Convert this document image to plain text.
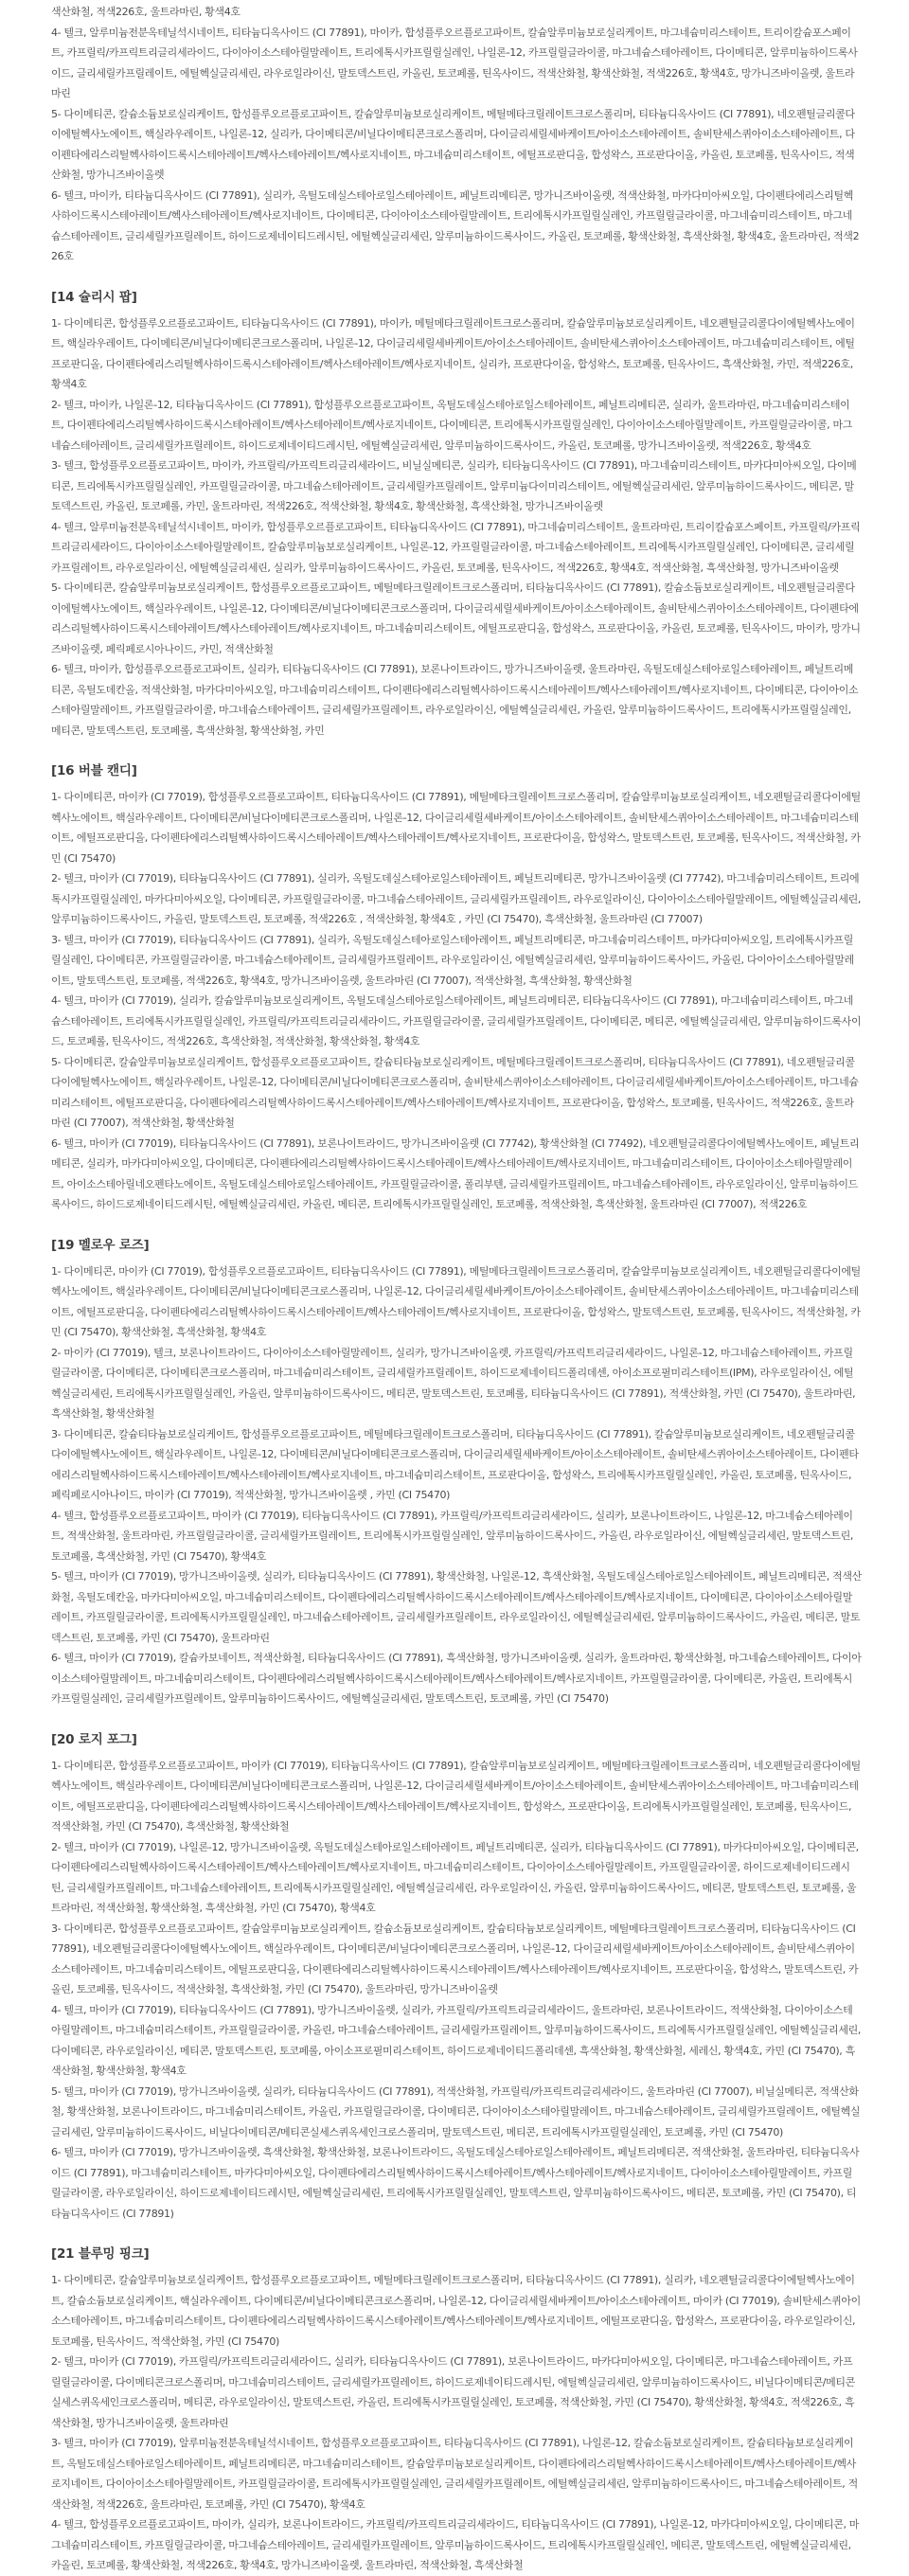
색산화철, 적색226호, 울트라마린, 황색4호

4- 텔크, 알루미늄전분옥테닐석시네이트, 티타늄디옥사이드 (CI 77891), 마이카, 합성플루오르플로고파이트, 칼슘알루미늄보로실리케이트, 마그네슘미리스테이트, 트리이칼슘포스페이트, 카프릴릭/카프릭트리글리세라이드, 다이아이소스테아릴말레이트, 트리에톡시카프릴릴실레인, 나일론-12, 카프릴릴글라이콜, 마그네슘스테아레이트, 다이메티콘, 알루미늄하이드록사이드, 글리세릴카프릴레이트, 에틸헥실글리세린, 라우로일라이신, 말토덱스트린, 카올린, 토코페롤, 틴옥사이드, 적색산화철, 황색산화철, 적색226호, 황색4호, 망가니즈바이올렛, 울트라마린

5- 다이메티콘, 칼슘소듐보로실리케이트, 합성플루오르플로고파이트, 칼슘알루미늄보로실리케이트, 메틸메타크릴레이트크로스폴리머, 티타늄디옥사이드 (CI 77891), 네오펜틸글리콜다이에틸헥사노에이트, 핵실라우레이트, 나일론-12, 실리카, 다이메티콘/비닐다이메티콘크로스폴리머, 다이글리세릴세바케이트/아이소스테아레이트, 솔비탄세스퀴아이소스테아레이트, 다이펜타에리스리틸헥사하이드록시스테아레이트/헥사스테아레이트/헥사로지네이트, 마그네슘미리스테이트, 에틸프로판디올, 합성왁스, 프로판다이올, 카올린, 토코페롤, 틴옥사이드, 적색산화철, 망가니즈바이올렛

6- 텔크, 마이카, 티타늄디옥사이드 (CI 77891), 실리카, 옥틸도데실스테아로일스테아레이트, 페닐트리메티콘, 망가니즈바이올렛, 적색산화철, 마카다미아씨오일, 다이펜타에리스리틸헥사하이드록시스테아레이트/헥사스테아레이트/헥사로지네이트, 다이메티콘, 다이아이소스테아릴말레이트, 트리에톡시카프릴릴실레인, 카프릴릴글라이콜, 마그네슘미리스테이트, 마그네슘스테아레이트, 글리세릴카프릴레이트, 하이드로제네이티드레시틴, 에틸헥실글리세린, 알루미늄하이드록사이드, 카올린, 토코페롤, 황색산화철, 흑색산화철, 황색4호, 울트라마린, 적색226호

[14 슐리시 팝]

1- 다이메티콘, 합성플루오르플로고파이트, 티타늄디옥사이드 (CI 77891), 마이카, 메틸메타크릴레이트크로스폴리머, 칼슘알루미늄보로실리케이트, 네오펜틸글리콜다이에틸헥사노에이트, 핵실라우레이트, 다이메티콘/비닐다이메티콘크로스폴리머, 나일론-12, 다이글리세릴세바케이트/아이소스테아레이트, 솔비탄세스퀴아이소스테아레이트, 마그네슘미리스테이트, 에틸프로판디올, 다이펜타에리스리틸헥사하이드록시스테아레이트/헥사스테아레이트/헥사로지네이트, 실리카, 프로판다이올, 합성왁스, 토코페롤, 틴옥사이드, 흑색산화철, 카민, 적색226호, 황색4호

2- 텔크, 마이카, 나일론-12, 티타늄디옥사이드 (CI 77891), 합성플루오르플로고파이트, 옥틸도데실스테아로일스테아레이트, 페닐트리메티콘, 실리카, 울트라마린, 마그네슘미리스테이트, 다이펜타에리스리틸헥사하이드록시스테아레이트/헥사스테아레이트/헥사로지네이트, 다이메티콘, 트리에톡시카프릴릴실레인, 다이아이소스테아릴말레이트, 카프릴릴글라이콜, 마그네슘스테아레이트, 글리세릴카프릴레이트, 하이드로제네이티드레시틴, 에틸헥실글리세린, 알루미늄하이드록사이드, 카올린, 토코페롤, 망가니즈바이올렛, 적색226호, 황색4호

3- 텔크, 합성플루오르플로고파이트, 마이카, 카프릴릭/카프릭트리글리세라이드, 비닐실메티콘, 실리카, 티타늄디옥사이드 (CI 77891), 마그네슘미리스테이트, 마카다미아씨오일, 다이메티콘, 트리에톡시카프릴릴실레인, 카프릴릴글라이콜, 마그네슘스테아레이트, 글리세릴카프릴레이트, 알루미늄다이미리스테이트, 에틸헥실글리세린, 알루미늄하이드록사이드, 메티콘, 말토덱스트린, 카올린, 토코페롤, 카민, 울트라마린, 적색226호, 적색산화철, 황색4호, 황색산화철, 흑색산화철, 망가니즈바이올렛

4- 텔크, 알루미늄전분옥테닐석시네이트, 마이카, 합성플루오르플로고파이트, 티타늄디옥사이드 (CI 77891), 마그네슘미리스테이트, 울트라마린, 트리이칼슘포스페이트, 카프릴릭/카프릭트리글리세라이드, 다이아이소스테아릴말레이트, 칼슘알루미늄보로실리케이트, 나일론-12, 카프릴릴글라이콜, 마그네슘스테아레이트, 트리에톡시카프릴릴실레인, 다이메티콘, 글리세릴카프릴레이트, 라우로일라이신, 에틸헥실글리세린, 실리카, 알루미늄하이드록사이드, 카올린, 토코페롤, 틴옥사이드, 적색226호, 황색4호, 적색산화철, 흑색산화철, 망가니즈바이올렛

5- 다이메티콘, 칼슘알루미늄보로실리케이트, 합성플루오르플로고파이트, 메틸메타크릴레이트크로스폴리머, 티타늄디옥사이드 (CI 77891), 칼슘소듐보로실리케이트, 네오펜틸글리콜다이에틸헥사노에이트, 핵실라우레이트, 나일론-12, 다이메티콘/비닐다이메티콘크로스폴리머, 다이글리세릴세바케이트/아이소스테아레이트, 솔비탄세스퀴아이소스테아레이트, 다이펜타에리스리틸헥사하이드록시스테아레이트/헥사스테아레이트/헥사로지네이트, 마그네슘미리스테이트, 에틸프로판디올, 합성왁스, 프로판다이올, 카올린, 토코페롤, 틴옥사이드, 마이카, 망가니즈바이올렛, 페릭페로시아나이드, 카민, 적색산화철

6- 텔크, 마이카, 합성플루오르플로고파이트, 실리카, 티타늄디옥사이드 (CI 77891), 보론나이트라이드, 망가니즈바이올렛, 울트라마린, 옥틸도데실스테아로일스테아레이트, 페닐트리메티콘, 옥틸도데칸올, 적색산화철, 마카다미아씨오일, 마그네슘미리스테이트, 다이펜타에리스리틸헥사하이드록시스테아레이트/헥사스테아레이트/헥사로지네이트, 다이메티콘, 다이아이소스테아릴말레이트, 카프릴릴글라이콜, 마그네슘스테아레이트, 글리세릴카프릴레이트, 라우로일라이신, 에틸헥실글리세린, 카올린, 알루미늄하이드록사이드, 트리에톡시카프릴릴실레인, 메티콘, 말토덱스트린, 토코페롤, 흑색산화철, 황색산화철, 카민

[16 버블 캔디]

1- 다이메티콘, 마이카 (CI 77019), 합성플루오르플로고파이트, 티타늄디옥사이드 (CI 77891), 메틸메타크릴레이트크로스폴리머, 칼슘알루미늄보로실리케이트, 네오펜틸글리콜다이에틸헥사노에이트, 핵실라우레이트, 다이메티콘/비닐다이메티콘크로스폴리머, 나일론-12, 다이글리세릴세바케이트/아이소스테아레이트, 솔비탄세스퀴아이소스테아레이트, 마그네슘미리스테이트, 에틸프로판디올, 다이펜타에리스리틸헥사하이드록시스테아레이트/헥사스테아레이트/헥사로지네이트, 프로판다이올, 합성왁스, 말토덱스트린, 토코페롤, 틴옥사이드, 적색산화철, 카민 (CI 75470)

2- 텔크, 마이카 (CI 77019), 티타늄디옥사이드 (CI 77891), 실리카, 옥틸도데실스테아로일스테아레이트, 페닐트리메티콘, 망가니즈바이올렛 (CI 77742), 마그네슘미리스테이트, 트리에톡시카프릴릴실레인, 마카다미아씨오일, 다이메티콘, 카프릴릴글라이콜, 마그네슘스테아레이트, 글리세릴카프릴레이트, 라우로일라이신, 다이아이소스테아릴말레이트, 에틸헥실글리세린, 알루미늄하이드록사이드, 카올린, 말토덱스트린, 토코페롤, 적색226호 , 적색산화철, 황색4호 , 카민 (CI 75470), 흑색산화철, 울트라마린 (CI 77007)

3- 텔크, 마이카 (CI 77019), 티타늄디옥사이드 (CI 77891), 실리카, 옥틸도데실스테아로일스테아레이트, 페닐트리메티콘, 마그네슘미리스테이트, 마카다미아씨오일, 트리에톡시카프릴릴실레인, 다이메티콘, 카프릴릴글라이콜, 마그네슘스테아레이트, 글리세릴카프릴레이트, 라우로일라이신, 에틸헥실글리세린, 알루미늄하이드록사이드, 카올린, 다이아이소스테아릴말레이트, 말토덱스트린, 토코페롤, 적색226호, 황색4호, 망가니즈바이올렛, 울트라마린 (CI 77007), 적색산화철, 흑색산화철, 황색산화철

4- 텔크, 마이카 (CI 77019), 실리카, 칼슘알루미늄보로실리케이트, 옥틸도데실스테아로일스테아레이트, 페닐트리메티콘, 티타늄디옥사이드 (CI 77891), 마그네슘미리스테이트, 마그네슘스테아레이트, 트리에톡시카프릴릴실레인, 카프릴릭/카프릭트리글리세라이드, 카프릴릴글라이콜, 글리세릴카프릴레이트, 다이메티콘, 메티콘, 에틸헥실글리세린, 알루미늄하이드록사이드, 토코페롤, 틴옥사이드, 적색226호, 흑색산화철, 적색산화철, 황색산화철, 황색4호

5- 다이메티콘, 칼슘알루미늄보로실리케이트, 합성플루오르플로고파이트, 칼슘티타늄보로실리케이트, 메틸메타크릴레이트크로스폴리머, 티타늄디옥사이드 (CI 77891), 네오펜틸글리콜다이에틸헥사노에이트, 핵실라우레이트, 나일론-12, 다이메티콘/비닐다이메티콘크로스폴리머, 솔비탄세스퀴아이소스테아레이트, 다이글리세릴세바케이트/아이소스테아레이트, 마그네슘미리스테이트, 에틸프로판디올, 다이펜타에리스리틸헥사하이드록시스테아레이트/헥사스테아레이트/헥사로지네이트, 프로판다이올, 합성왁스, 토코페롤, 틴옥사이드, 적색226호, 울트라마린 (CI 77007), 적색산화철, 황색산화철

6- 텔크, 마이카 (CI 77019), 티타늄디옥사이드 (CI 77891), 보론나이트라이드, 망가니즈바이올렛 (CI 77742), 황색산화철 (CI 77492), 네오펜틸글리콜다이에틸헥사노에이트, 페닐트리메티콘, 실리카, 마카다미아씨오일, 다이메티콘, 다이펜타에리스리틸헥사하이드록시스테아레이트/헥사스테아레이트/헥사로지네이트, 마그네슘미리스테이트, 다이아이소스테아릴말레이트, 아이소스테아릴네오펜타노에이트, 옥틸도데실스테아로일스테아레이트, 카프릴릴글라이콜, 폴리부텐, 글리세릴카프릴레이트, 마그네슘스테아레이트, 라우로일라이신, 알루미늄하이드록사이드, 하이드로제네이티드레시틴, 에틸헥실글리세린, 카올린, 메티콘, 트리에톡시카프릴릴실레인, 토코페롤, 적색산화철, 흑색산화철, 울트라마린 (CI 77007), 적색226호

[19 멜로우 로즈]

1- 다이메티콘, 마이카 (CI 77019), 합성플루오르플로고파이트, 티타늄디옥사이드 (CI 77891), 메틸메타크릴레이트크로스폴리머, 칼슘알루미늄보로실리케이트, 네오펜틸글리콜다이에틸헥사노에이트, 핵실라우레이트, 다이메티콘/비닐다이메티콘크로스폴리머, 나일론-12, 다이글리세릴세바케이트/아이소스테아레이트, 솔비탄세스퀴아이소스테아레이트, 마그네슘미리스테이트, 에틸프로판디올, 다이펜타에리스리틸헥사하이드록시스테아레이트/헥사스테아레이트/헥사로지네이트, 프로판다이올, 합성왁스, 말토덱스트린, 토코페롤, 틴옥사이드, 적색산화철, 카민 (CI 75470), 황색산화철, 흑색산화철, 황색4호

2- 마이카 (CI 77019), 텔크, 보론나이트라이드, 다이아이소스테아릴말레이트, 실리카, 망가니즈바이올렛, 카프릴릭/카프릭트리글리세라이드, 나일론-12, 마그네슘스테아레이트, 카프릴릴글라이콜, 다이메티콘, 다이메티콘크로스폴리머, 마그네슘미리스테이트, 글리세릴카프릴레이트, 하이드로제네이티드폴리데센, 아이소프로필미리스테이트(IPM), 라우로일라이신, 에틸헥실글리세린, 트리에톡시카프릴릴실레인, 카올린, 알루미늄하이드록사이드, 메티콘, 말토덱스트린, 토코페롤, 티타늄디옥사이드 (CI 77891), 적색산화철, 카민 (CI 75470), 울트라마린, 흑색산화철, 황색산화철

3- 다이메티콘, 칼슘티타늄보로실리케이트, 합성플루오르플로고파이트, 메틸메타크릴레이트크로스폴리머, 티타늄디옥사이드 (CI 77891), 칼슘알루미늄보로실리케이트, 네오펜틸글리콜다이에틸헥사노에이트, 핵실라우레이트, 나일론-12, 다이메티콘/비닐다이메티콘크로스폴리머, 다이글리세릴세바케이트/아이소스테아레이트, 솔비탄세스퀴아이소스테아레이트, 다이펜타에리스리틸헥사하이드록시스테아레이트/헥사스테아레이트/헥사로지네이트, 마그네슘미리스테이트, 프로판다이올, 합성왁스, 트리에톡시카프릴릴실레인, 카올린, 토코페롤, 틴옥사이드, 페릭페로시아나이드, 마이카 (CI 77019), 적색산화철, 망가니즈바이올렛 , 카민 (CI 75470)

4- 텔크, 합성플루오르플로고파이트, 마이카 (CI 77019), 티타늄디옥사이드 (CI 77891), 카프릴릭/카프릭트리글리세라이드, 실리카, 보론나이트라이드, 나일론-12, 마그네슘스테아레이트, 적색산화철, 울트라마린, 카프릴릴글라이콜, 글리세릴카프릴레이트, 트리에톡시카프릴릴실레인, 알루미늄하이드록사이드, 카올린, 라우로일라이신, 에틸헥실글리세린, 말토덱스트린, 토코페롤, 흑색산화철, 카민 (CI 75470), 황색4호

5- 텔크, 마이카 (CI 77019), 망가니즈바이올렛, 실리카, 티타늄디옥사이드 (CI 77891), 황색산화철, 나일론-12, 흑색산화철, 옥틸도데실스테아로일스테아레이트, 페닐트리메티콘, 적색산화철, 옥틸도데칸올, 마카다미아씨오일, 마그네슘미리스테이트, 다이펜타에리스리틸헥사하이드록시스테아레이트/헥사스테아레이트/헥사로지네이트, 다이메티콘, 다이아이소스테아릴말레이트, 카프릴릴글라이콜, 트리에톡시카프릴릴실레인, 마그네슘스테아레이트, 글리세릴카프릴레이트, 라우로일라이신, 에틸헥실글리세린, 알루미늄하이드록사이드, 카올린, 메티콘, 말토덱스트린, 토코페롤, 카민 (CI 75470), 울트라마린

6- 텔크, 마이카 (CI 77019), 칼슘카보네이트, 적색산화철, 티타늄디옥사이드 (CI 77891), 흑색산화철, 망가니즈바이올렛, 실리카, 울트라마린, 황색산화철, 마그네슘스테아레이트, 다이아이소스테아릴말레이트, 마그네슘미리스테이트, 다이펜타에리스리틸헥사하이드록시스테아레이트/헥사스테아레이트/헥사로지네이트, 카프릴릴글라이콜, 다이메티콘, 카올린, 트리에톡시카프릴릴실레인, 글리세릴카프릴레이트, 알루미늄하이드록사이드, 에틸헥실글리세린, 말토덱스트린, 토코페롤, 카민 (CI 75470)

[20 로지 포그]

1- 다이메티콘, 합성플루오르플로고파이트, 마이카 (CI 77019), 티타늄디옥사이드 (CI 77891), 칼슘알루미늄보로실리케이트, 메틸메타크릴레이트크로스폴리머, 네오펜틸글리콜다이에틸헥사노에이트, 핵실라우레이트, 다이메티콘/비닐다이메티콘크로스폴리머, 나일론-12, 다이글리세릴세바케이트/아이소스테아레이트, 솔비탄세스퀴아이소스테아레이트, 마그네슘미리스테이트, 에틸프로판디올, 다이펜타에리스리틸헥사하이드록시스테아레이트/헥사스테아레이트/헥사로지네이트, 합성왁스, 프로판다이올, 트리에톡시카프릴릴실레인, 토코페롤, 틴옥사이드, 적색산화철, 카민 (CI 75470), 흑색산화철, 황색산화철

2- 텔크, 마이카 (CI 77019), 나일론-12, 망가니즈바이올렛, 옥틸도데실스테아로일스테아레이트, 페닐트리메티콘, 실리카, 티타늄디옥사이드 (CI 77891), 마카다미아씨오일, 다이메티콘, 다이펜타에리스리틸헥사하이드록시스테아레이트/헥사스테아레이트/헥사로지네이트, 마그네슘미리스테이트, 다이아이소스테아릴말레이트, 카프릴릴글라이콜, 하이드로제네이티드레시틴, 글리세릴카프릴레이트, 마그네슘스테아레이트, 트리에톡시카프릴릴실레인, 에틸헥실글리세린, 라우로일라이신, 카올린, 알루미늄하이드록사이드, 메티콘, 말토덱스트린, 토코페롤, 울트라마린, 적색산화철, 황색산화철, 흑색산화철, 카민 (CI 75470), 황색4호

3- 다이메티콘, 합성플루오르플로고파이트, 칼슘알루미늄보로실리케이트, 칼슘소듐보로실리케이트, 칼슘티타늄보로실리케이트, 메틸메타크릴레이트크로스폴리머, 티타늄디옥사이드 (CI 77891), 네오펜틸글리콜다이에틸헥사노에이트, 핵실라우레이트, 다이메티콘/비닐다이메티콘크로스폴리머, 나일론-12, 다이글리세릴세바케이트/아이소스테아레이트, 솔비탄세스퀴아이소스테아레이트, 마그네슘미리스테이트, 에틸프로판디올, 다이펜타에리스리틸헥사하이드록시스테아레이트/헥사스테아레이트/헥사로지네이트, 프로판다이올, 합성왁스, 말토덱스트린, 카올린, 토코페롤, 틴옥사이드, 적색산화철, 흑색산화철, 카민 (CI 75470), 울트라마린, 망가니즈바이올렛

4- 텔크, 마이카 (CI 77019), 티타늄디옥사이드 (CI 77891), 망가니즈바이올렛, 실리카, 카프릴릭/카프릭트리글리세라이드, 울트라마린, 보론나이트라이드, 적색산화철, 다이아이소스테아릴말레이트, 마그네슘미리스테이트, 카프릴릴글라이콜, 카올린, 마그네슘스테아레이트, 글리세릴카프릴레이트, 알루미늄하이드록사이드, 트리에톡시카프릴릴실레인, 에틸헥실글리세린, 다이메티콘, 라우로일라이신, 메티콘, 말토덱스트린, 토코페롤, 아이소프로필미리스테이트, 하이드로제네이티드폴리데센, 흑색산화철, 황색산화철, 세레신, 황색4호, 카민 (CI 75470), 흑색산화철, 황색산화철, 황색4호

5- 텔크, 마이카 (CI 77019), 망가니즈바이올렛, 실리카, 티타늄디옥사이드 (CI 77891), 적색산화철, 카프릴릭/카프릭트리글리세라이드, 울트라마린 (CI 77007), 비닐실메티콘, 적색산화철, 황색산화철, 보론나이트라이드, 마그네슘미리스테이트, 카올린, 카프릴릴글라이콜, 다이메티콘, 다이아이소스테아릴말레이트, 마그네슘스테아레이트, 글리세릴카프릴레이트, 에틸헥실글리세린, 알루미늄하이드록사이드, 비닐다이메티콘/메티콘실세스퀴옥세인크로스폴리머, 말토덱스트린, 메티콘, 트리에톡시카프릴릴실레인, 토코페롤, 카민 (CI 75470)

6- 텔크, 마이카 (CI 77019), 망가니즈바이올렛, 흑색산화철, 황색산화철, 보론나이트라이드, 옥틸도데실스테아로일스테아레이트, 페닐트리메티콘, 적색산화철, 울트라마린, 티타늄디옥사이드 (CI 77891), 마그네슘미리스테이트, 마카다미아씨오일, 다이펜타에리스리틸헥사하이드록시스테아레이트/헥사스테아레이트/헥사로지네이트, 다이아이소스테아릴말레이트, 카프릴릴글라이콜, 라우로일라이신, 하이드로제네이티드레시틴, 에틸헥실글리세린, 트리에톡시카프릴릴실레인, 말토덱스트린, 알루미늄하이드록사이드, 메티콘, 토코페롤, 카민 (CI 75470), 티타늄디옥사이드 (CI 77891)

[21 블루밍 핑크]

1- 다이메티콘, 칼슘알루미늄보로실리케이트, 합성플루오르플로고파이트, 메틸메타크릴레이트크로스폴리머, 티타늄디옥사이드 (CI 77891), 실리카, 네오펜틸글리콜다이에틸헥사노에이트, 칼슘소듐보로실리케이트, 핵실라우레이트, 다이메티콘/비닐다이메티콘크로스폴리머, 나일론-12, 다이글리세릴세바케이트/아이소스테아레이트, 마이카 (CI 77019), 솔비탄세스퀴아이소스테아레이트, 마그네슘미리스테이트, 다이펜타에리스리틸헥사하이드록시스테아레이트/헥사스테아레이트/헥사로지네이트, 에틸프로판디올, 합성왁스, 프로판다이올, 라우로일라이신, 토코페롤, 틴옥사이드, 적색산화철, 카민 (CI 75470)

2- 텔크, 마이카 (CI 77019), 카프릴릭/카프릭트리글리세라이드, 실리카, 티타늄디옥사이드 (CI 77891), 보론나이트라이드, 마카다미아씨오일, 다이메티콘, 마그네슘스테아레이트, 카프릴릴글라이콜, 다이메티콘크로스폴리머, 마그네슘미리스테이트, 글리세릴카프릴레이트, 하이드로제네이티드레시틴, 에틸헥실글리세린, 알루미늄하이드록사이드, 비닐다이메티콘/메티콘실세스퀴옥세인크로스폴리머, 메티콘, 라우로일라이신, 말토덱스트린, 카올린, 트리에톡시카프릴릴실레인, 토코페롤, 적색산화철, 카민 (CI 75470), 황색산화철, 황색4호, 적색226호, 흑색산화철, 망가니즈바이올렛, 울트라마린

3- 텔크, 마이카 (CI 77019), 알루미늄전분옥테닐석시네이트, 합성플루오르플로고파이트, 티타늄디옥사이드 (CI 77891), 나일론-12, 칼슘소듐보로실리케이트, 칼슘티타늄보로실리케이트, 옥틸도데실스테아로일스테아레이트, 페닐트리메티콘, 마그네슘미리스테이트, 칼슘알루미늄보로실리케이트, 다이펜타에리스리틸헥사하이드록시스테아레이트/헥사스테아레이트/헥사로지네이트, 다이아이소스테아릴말레이트, 카프릴릴글라이콜, 트리에톡시카프릴릴실레인, 글리세릴카프릴레이트, 에틸헥실글리세린, 알루미늄하이드록사이드, 마그네슘스테아레이트, 적색산화철, 적색226호, 울트라마린, 토코페롤, 카민 (CI 75470), 황색4호

4- 텔크, 합성플루오르플로고파이트, 마이카, 실리카, 보론나이트라이드, 카프릴릭/카프릭트리글리세라이드, 티타늄디옥사이드 (CI 77891), 나일론-12, 마카다미아씨오일, 다이메티콘, 마그네슘미리스테이트, 카프릴릴글라이콜, 마그네슘스테아레이트, 글리세릴카프릴레이트, 알루미늄하이드록사이드, 트리에톡시카프릴릴실레인, 메티콘, 말토덱스트린, 에틸헥실글리세린, 카올린, 토코페롤, 황색산화철, 적색226호, 황색4호, 망가니즈바이올렛, 울트라마린, 적색산화철, 흑색산화철
